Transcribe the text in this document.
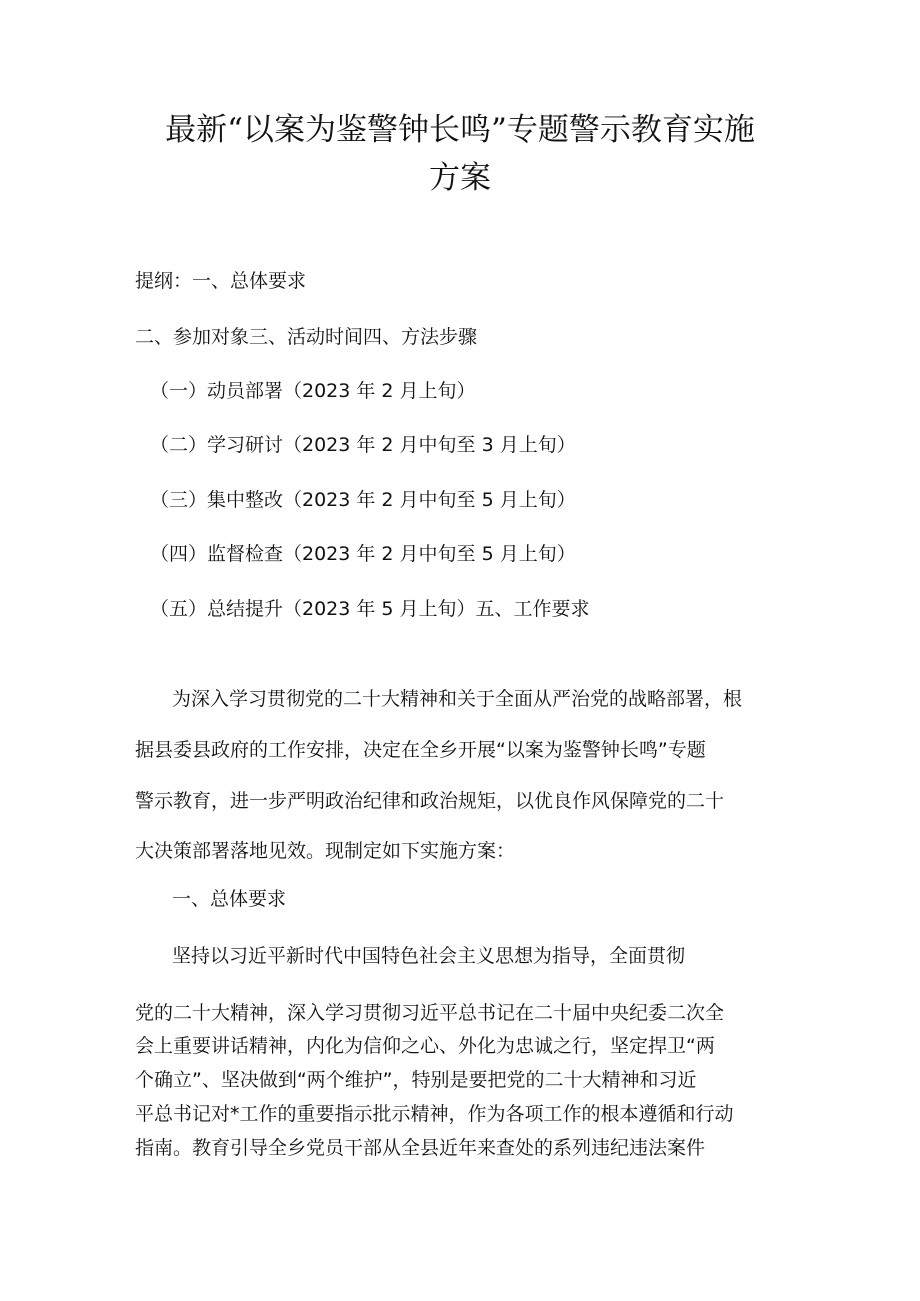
最新“以案为鉴警钟长鸣”专题警示教育实施
方案
提纲：一、总体要求
二、参加对象三、活动时间四、方法步骤
（一）动员部署（2023 年 2 月上旬）
（二）学习研讨（2023 年 2 月中旬至 3 月上旬）
（三）集中整改（2023 年 2 月中旬至 5 月上旬）
（四）监督检查（2023 年 2 月中旬至 5 月上旬）
（五）总结提升（2023 年 5 月上旬）五、工作要求
为深入学习贯彻党的二十大精神和关于全面从严治党的战略部署，根
据县委县政府的工作安排，决定在全乡开展“以案为鉴警钟长鸣”专题
警示教育，进一步严明政治纪律和政治规矩，以优良作风保障党的二十
大决策部署落地见效。现制定如下实施方案：
一、总体要求
坚持以习近平新时代中国特色社会主义思想为指导，全面贯彻
党的二十大精神，深入学习贯彻习近平总书记在二十届中央纪委二次全
会上重要讲话精神，内化为信仰之心、外化为忠诚之行，坚定捍卫“两
个确立”、坚决做到“两个维护”，特别是要把党的二十大精神和习近
平总书记对*工作的重要指示批示精神，作为各项工作的根本遵循和行动
指南。教育引导全乡党员干部从全县近年来查处的系列违纪违法案件
